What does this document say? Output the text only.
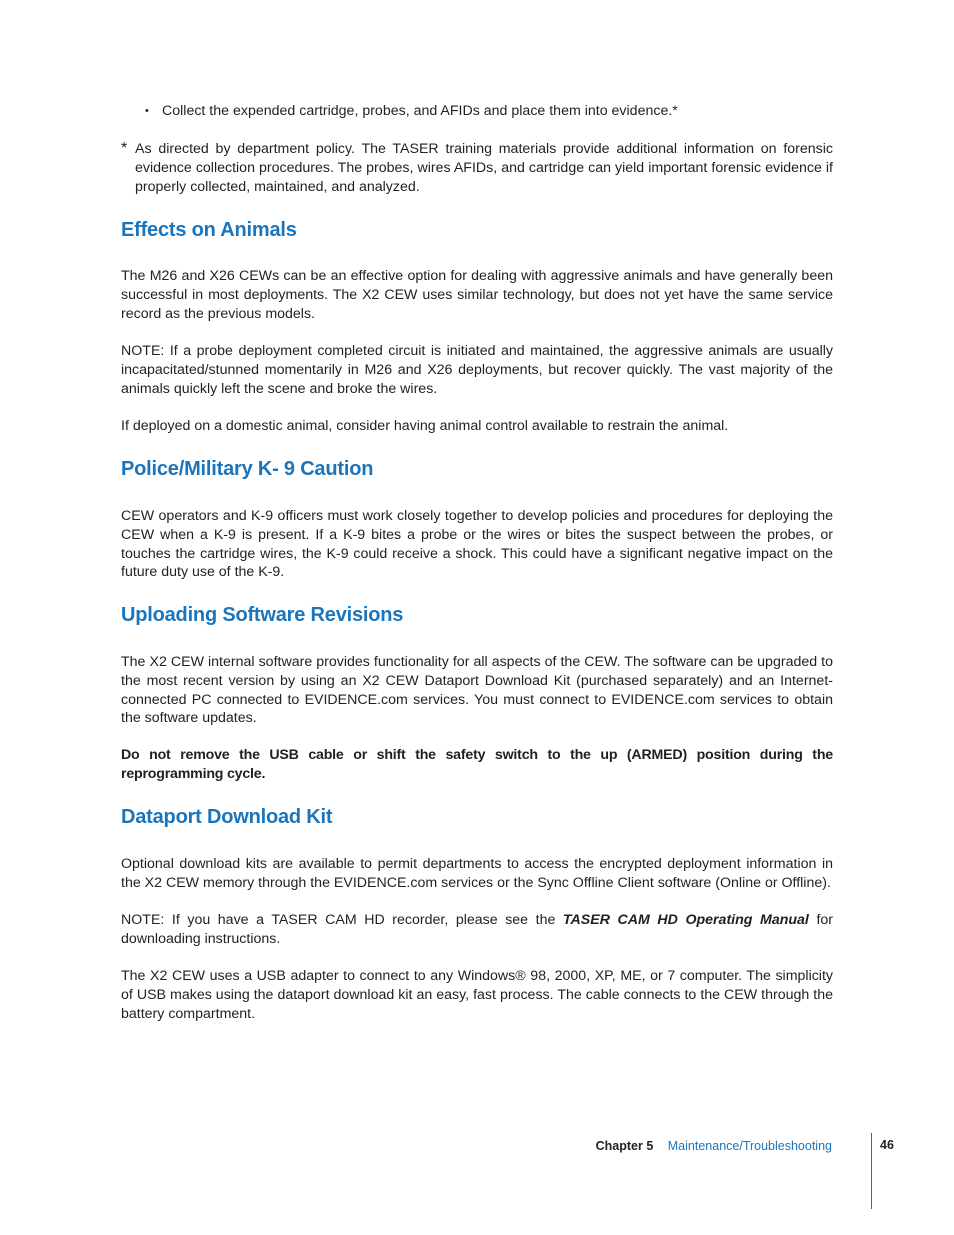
• Collect the expended cartridge, probes, and AFIDs and place them into evidence.*
* As directed by department policy. The TASER training materials provide additional information on forensic evidence collection procedures. The probes, wires AFIDs, and cartridge can yield important forensic evidence if properly collected, maintained, and analyzed.

Effects on Animals

The M26 and X26 CEWs can be an effective option for dealing with aggressive animals and have generally been successful in most deployments. The X2 CEW uses similar technology, but does not yet have the same service record as the previous models.

NOTE: If a probe deployment completed circuit is initiated and maintained, the aggressive animals are usually incapacitated/stunned momentarily in M26 and X26 deployments, but recover quickly. The vast majority of the animals quickly left the scene and broke the wires.

If deployed on a domestic animal, consider having animal control available to restrain the animal.

Police/Military K- 9 Caution

CEW operators and K-9 officers must work closely together to develop policies and procedures for deploying the CEW when a K-9 is present. If a K-9 bites a probe or the wires or bites the suspect between the probes, or touches the cartridge wires, the K-9 could receive a shock. This could have a significant negative impact on the future duty use of the K-9.

Uploading Software Revisions

The X2 CEW internal software provides functionality for all aspects of the CEW. The software can be upgraded to the most recent version by using an X2 CEW Dataport Download Kit (purchased separately) and an Internet-connected PC connected to EVIDENCE.com services. You must connect to EVIDENCE.com services to obtain the software updates.

Do not remove the USB cable or shift the safety switch to the up (ARMED) position during the reprogramming cycle.

Dataport Download Kit

Optional download kits are available to permit departments to access the encrypted deployment information in the X2 CEW memory through the EVIDENCE.com services or the Sync Offline Client software (Online or Offline).

NOTE: If you have a TASER CAM HD recorder, please see the TASER CAM HD Operating Manual for downloading instructions.

The X2 CEW uses a USB adapter to connect to any Windows® 98, 2000, XP, ME, or 7 computer. The simplicity of USB makes using the dataport download kit an easy, fast process. The cable connects to the CEW through the battery compartment.

Chapter 5 Maintenance/Troubleshooting	46
